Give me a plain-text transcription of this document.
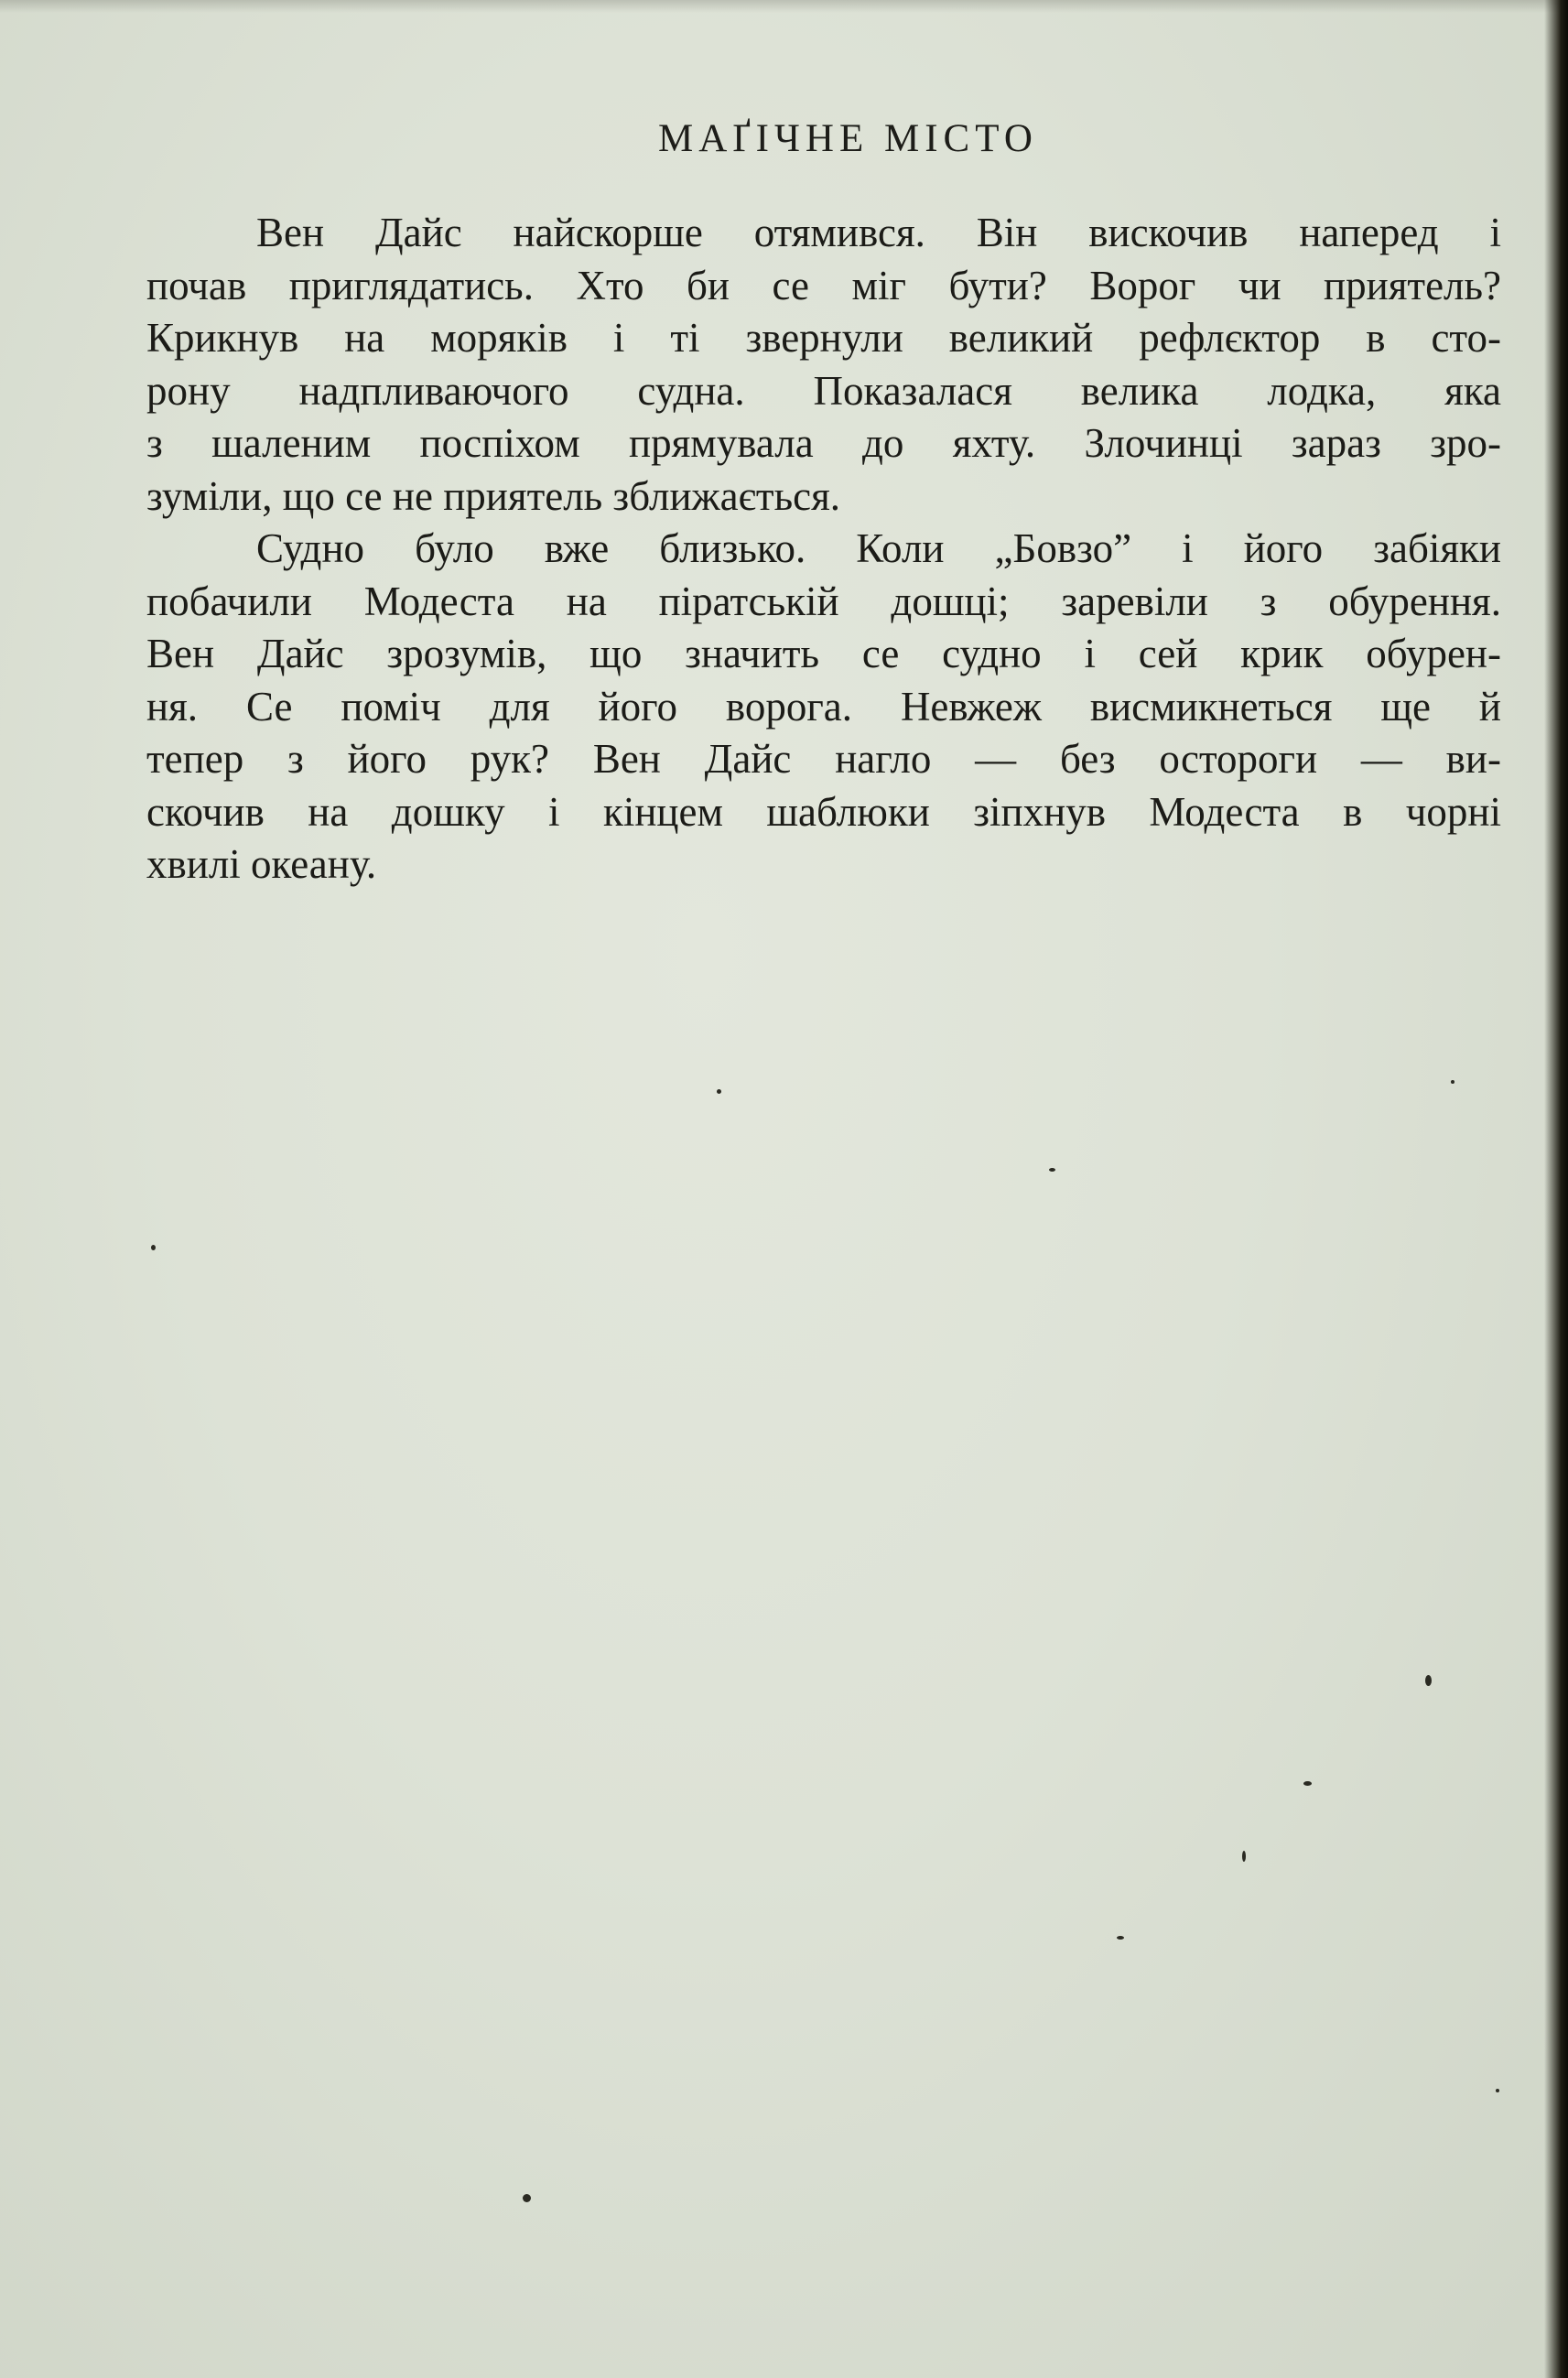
МАҐІЧНЕ МІСТО
Вен Дайс найскорше отямився. Він вискочив наперед і
почав приглядатись. Хто би се міг бути? Ворог чи приятель?
Крикнув на моряків і ті звернули великий рефлєктор в сто-
рону надпливаючого судна. Показалася велика лодка, яка
з шаленим поспіхом прямувала до яхту. Злочинці зараз зро-
зуміли, що се не приятель зближається.
Судно було вже близько. Коли „Бовзо” і його забіяки
побачили Модеста на піратській дошці; заревіли з обурення.
Вен Дайс зрозумів, що значить се судно і сей крик обурен-
ня. Се поміч для його ворога. Невжеж висмикнеться ще й
тепер з його рук? Вен Дайс нагло — без осторoги — ви-
скочив на дошку і кінцем шаблюки зіпхнув Модеста в чорні
хвилі океану.
